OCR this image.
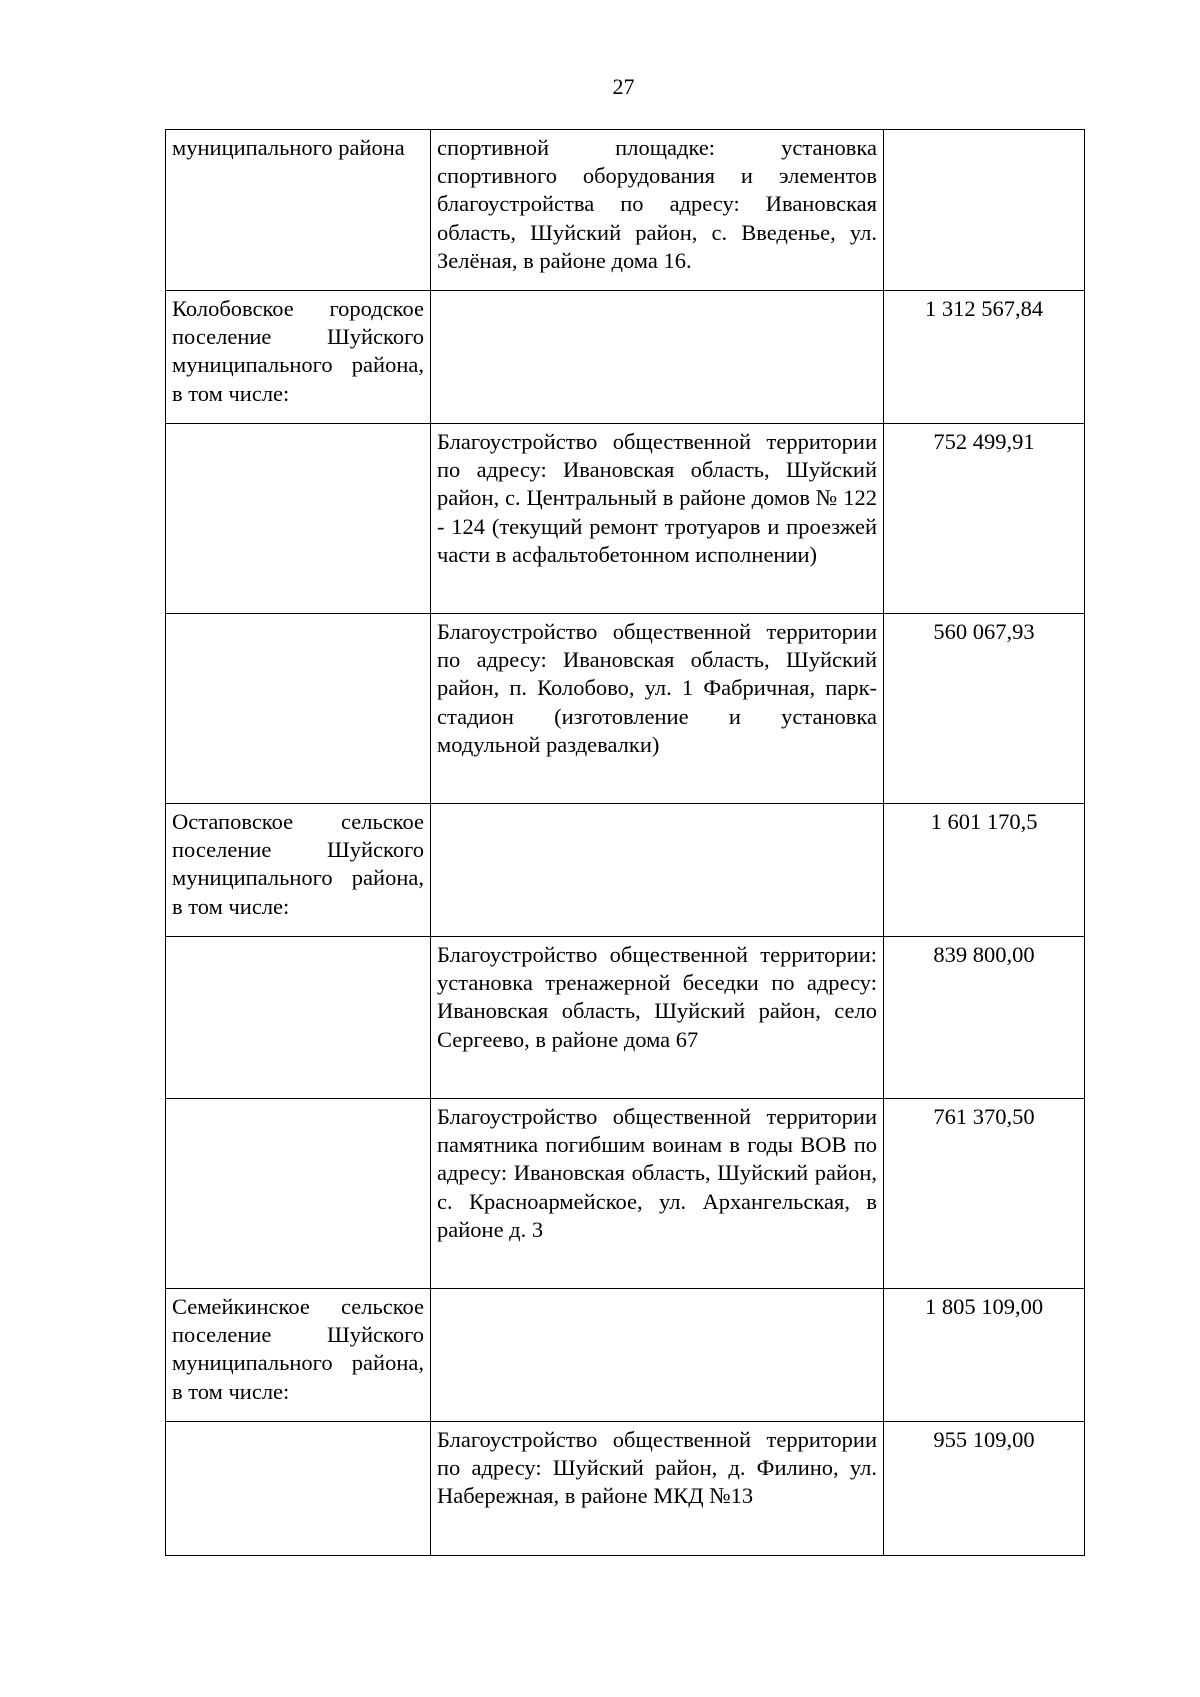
27
муниципального района	спортивной площадке: установка спортивного оборудования и элементов благоустройства по адресу: Ивановская область, Шуйский район, с. Введенье, ул. Зелёная, в районе дома 16.	

Колобовское городское поселение Шуйского муниципального района, в том числе:		1 312 567,84

	Благоустройство общественной территории по адресу: Ивановская область, Шуйский район, с. Центральный в районе домов № 122 - 124 (текущий ремонт тротуаров и проезжей части в асфальтобетонном исполнении)	752 499,91

	Благоустройство общественной территории по адресу: Ивановская область, Шуйский район, п. Колобово, ул. 1 Фабричная, парк-стадион (изготовление и установка модульной раздевалки)	560 067,93

Остаповское сельское поселение Шуйского муниципального района, в том числе:		1 601 170,5

	Благоустройство общественной территории: установка тренажерной беседки по адресу: Ивановская область, Шуйский район, село Сергеево, в районе дома 67	839 800,00

	Благоустройство общественной территории памятника погибшим воинам в годы ВОВ по адресу: Ивановская область, Шуйский район, с. Красноармейское, ул. Архангельская, в районе д. 3	761 370,50

Семейкинское сельское поселение Шуйского муниципального района, в том числе:		1 805 109,00

	Благоустройство общественной территории по адресу: Шуйский район, д. Филино, ул. Набережная, в районе МКД №13	955 109,00
